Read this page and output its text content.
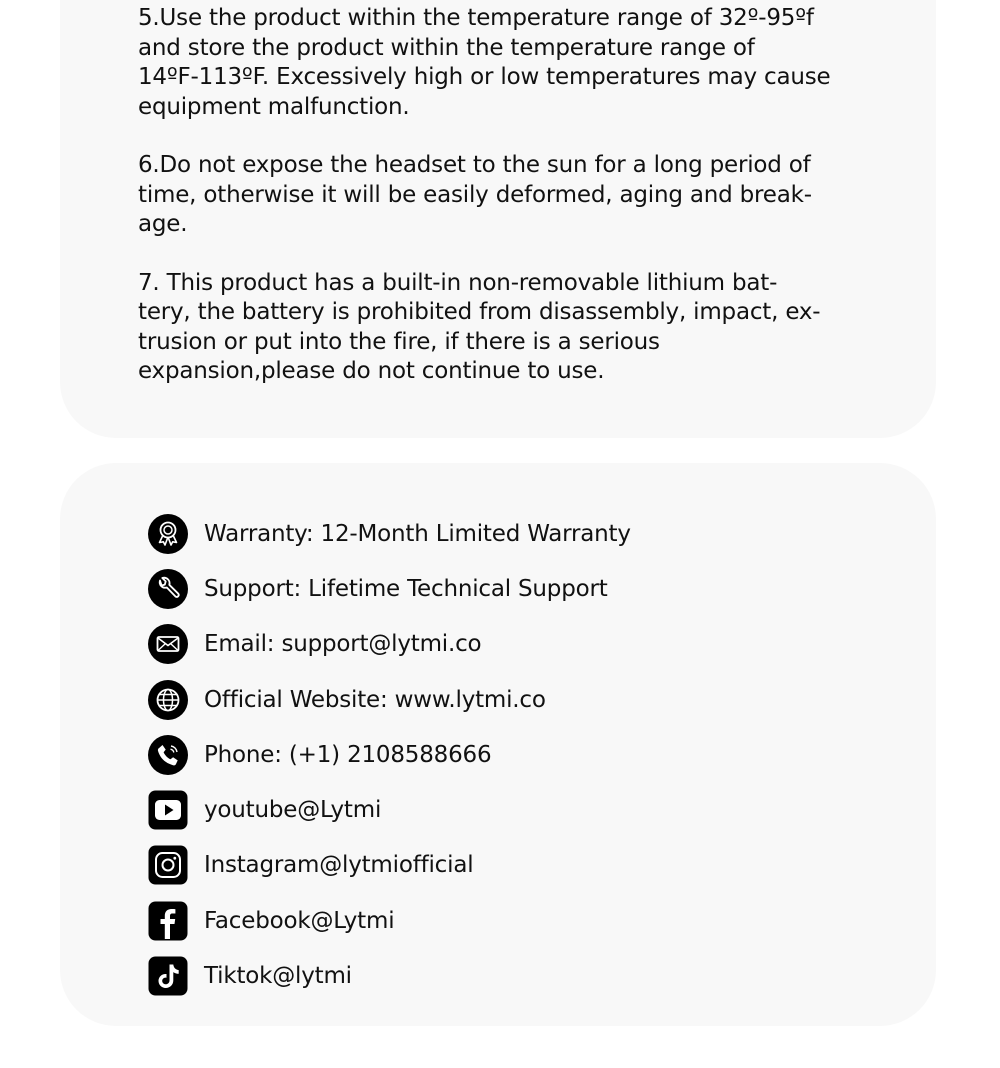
5.Use the product within the temperature range of 32º-95ºf
and store the product within the temperature range of
14ºF-113ºF. Excessively high or low temperatures may cause
equipment malfunction.

6.Do not expose the headset to the sun for a long period of
time, otherwise it will be easily deformed, aging and break-
age.

7. This product has a built-in non-removable lithium bat-
tery, the battery is prohibited from disassembly, impact, ex-
trusion or put into the fire, if there is a serious
expansion,please do not continue to use.

Warranty: 12-Month Limited Warranty
Support: Lifetime Technical Support
Email: support@lytmi.co
Official Website: www.lytmi.co
Phone: (+1) 2108588666
youtube@Lytmi
Instagram@lytmiofficial
Facebook@Lytmi
Tiktok@lytmi
